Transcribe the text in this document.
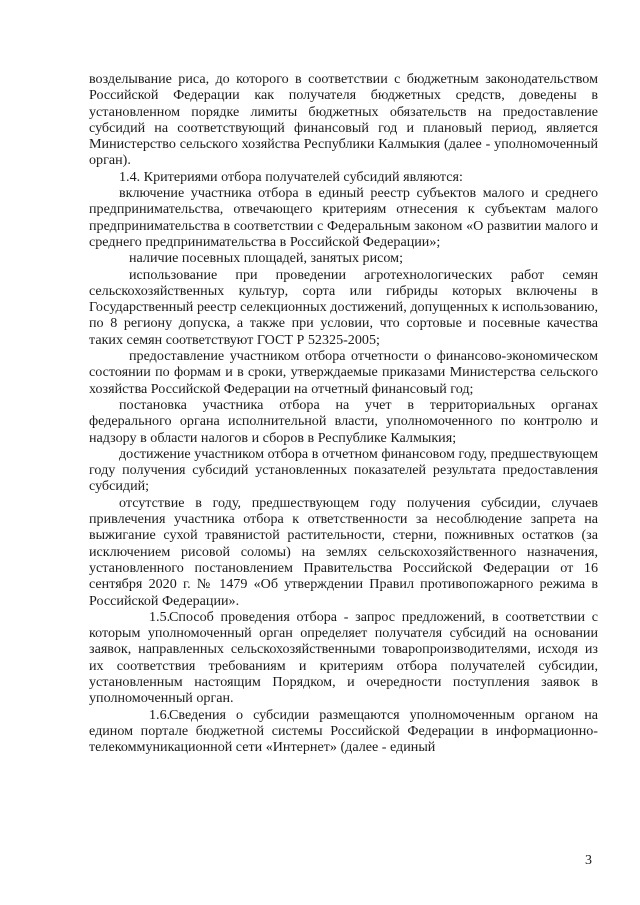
возделывание риса, до которого в соответствии с бюджетным законодательством Российской Федерации как получателя бюджетных средств, доведены в установленном порядке лимиты бюджетных обязательств на предоставление субсидий на соответствующий финансовый год и плановый период, является Министерство сельского хозяйства Республики Калмыкия (далее - уполномоченный орган).

1.4. Критериями отбора получателей субсидий являются:

включение участника отбора в единый реестр субъектов малого и среднего предпринимательства, отвечающего критериям отнесения к субъектам малого предпринимательства в соответствии с Федеральным законом «О развитии малого и среднего предпринимательства в Российской Федерации»;

наличие посевных площадей, занятых рисом;

использование при проведении агротехнологических работ семян сельскохозяйственных культур, сорта или гибриды которых включены в Государственный реестр селекционных достижений, допущенных к использованию, по 8 региону допуска, а также при условии, что сортовые и посевные качества таких семян соответствуют ГОСТ Р 52325-2005;

предоставление участником отбора отчетности о финансово-экономическом состоянии по формам и в сроки, утверждаемые приказами Министерства сельского хозяйства Российской Федерации на отчетный финансовый год;

постановка участника отбора на учет в территориальных органах федерального органа исполнительной власти, уполномоченного по контролю и надзору в области налогов и сборов в Республике Калмыкия;

достижение участником отбора в отчетном финансовом году, предшествующем году получения субсидий установленных показателей результата предоставления субсидий;

отсутствие в году, предшествующем году получения субсидии, случаев привлечения участника отбора к ответственности за несоблюдение запрета на выжигание сухой травянистой растительности, стерни, пожнивных остатков (за исключением рисовой соломы) на землях сельскохозяйственного назначения, установленного постановлением Правительства Российской Федерации от 16 сентября 2020 г. № 1479 «Об утверждении Правил противопожарного режима в Российской Федерации».

1.5.Способ проведения отбора - запрос предложений, в соответствии с которым уполномоченный орган определяет получателя субсидий на основании заявок, направленных сельскохозяйственными товаропроизводителями, исходя из их соответствия требованиям и критериям отбора получателей субсидии, установленным настоящим Порядком, и очередности поступления заявок в уполномоченный орган.

1.6.Сведения о субсидии размещаются уполномоченным органом на едином портале бюджетной системы Российской Федерации в информационно-телекоммуникационной сети «Интернет» (далее - единый

3
